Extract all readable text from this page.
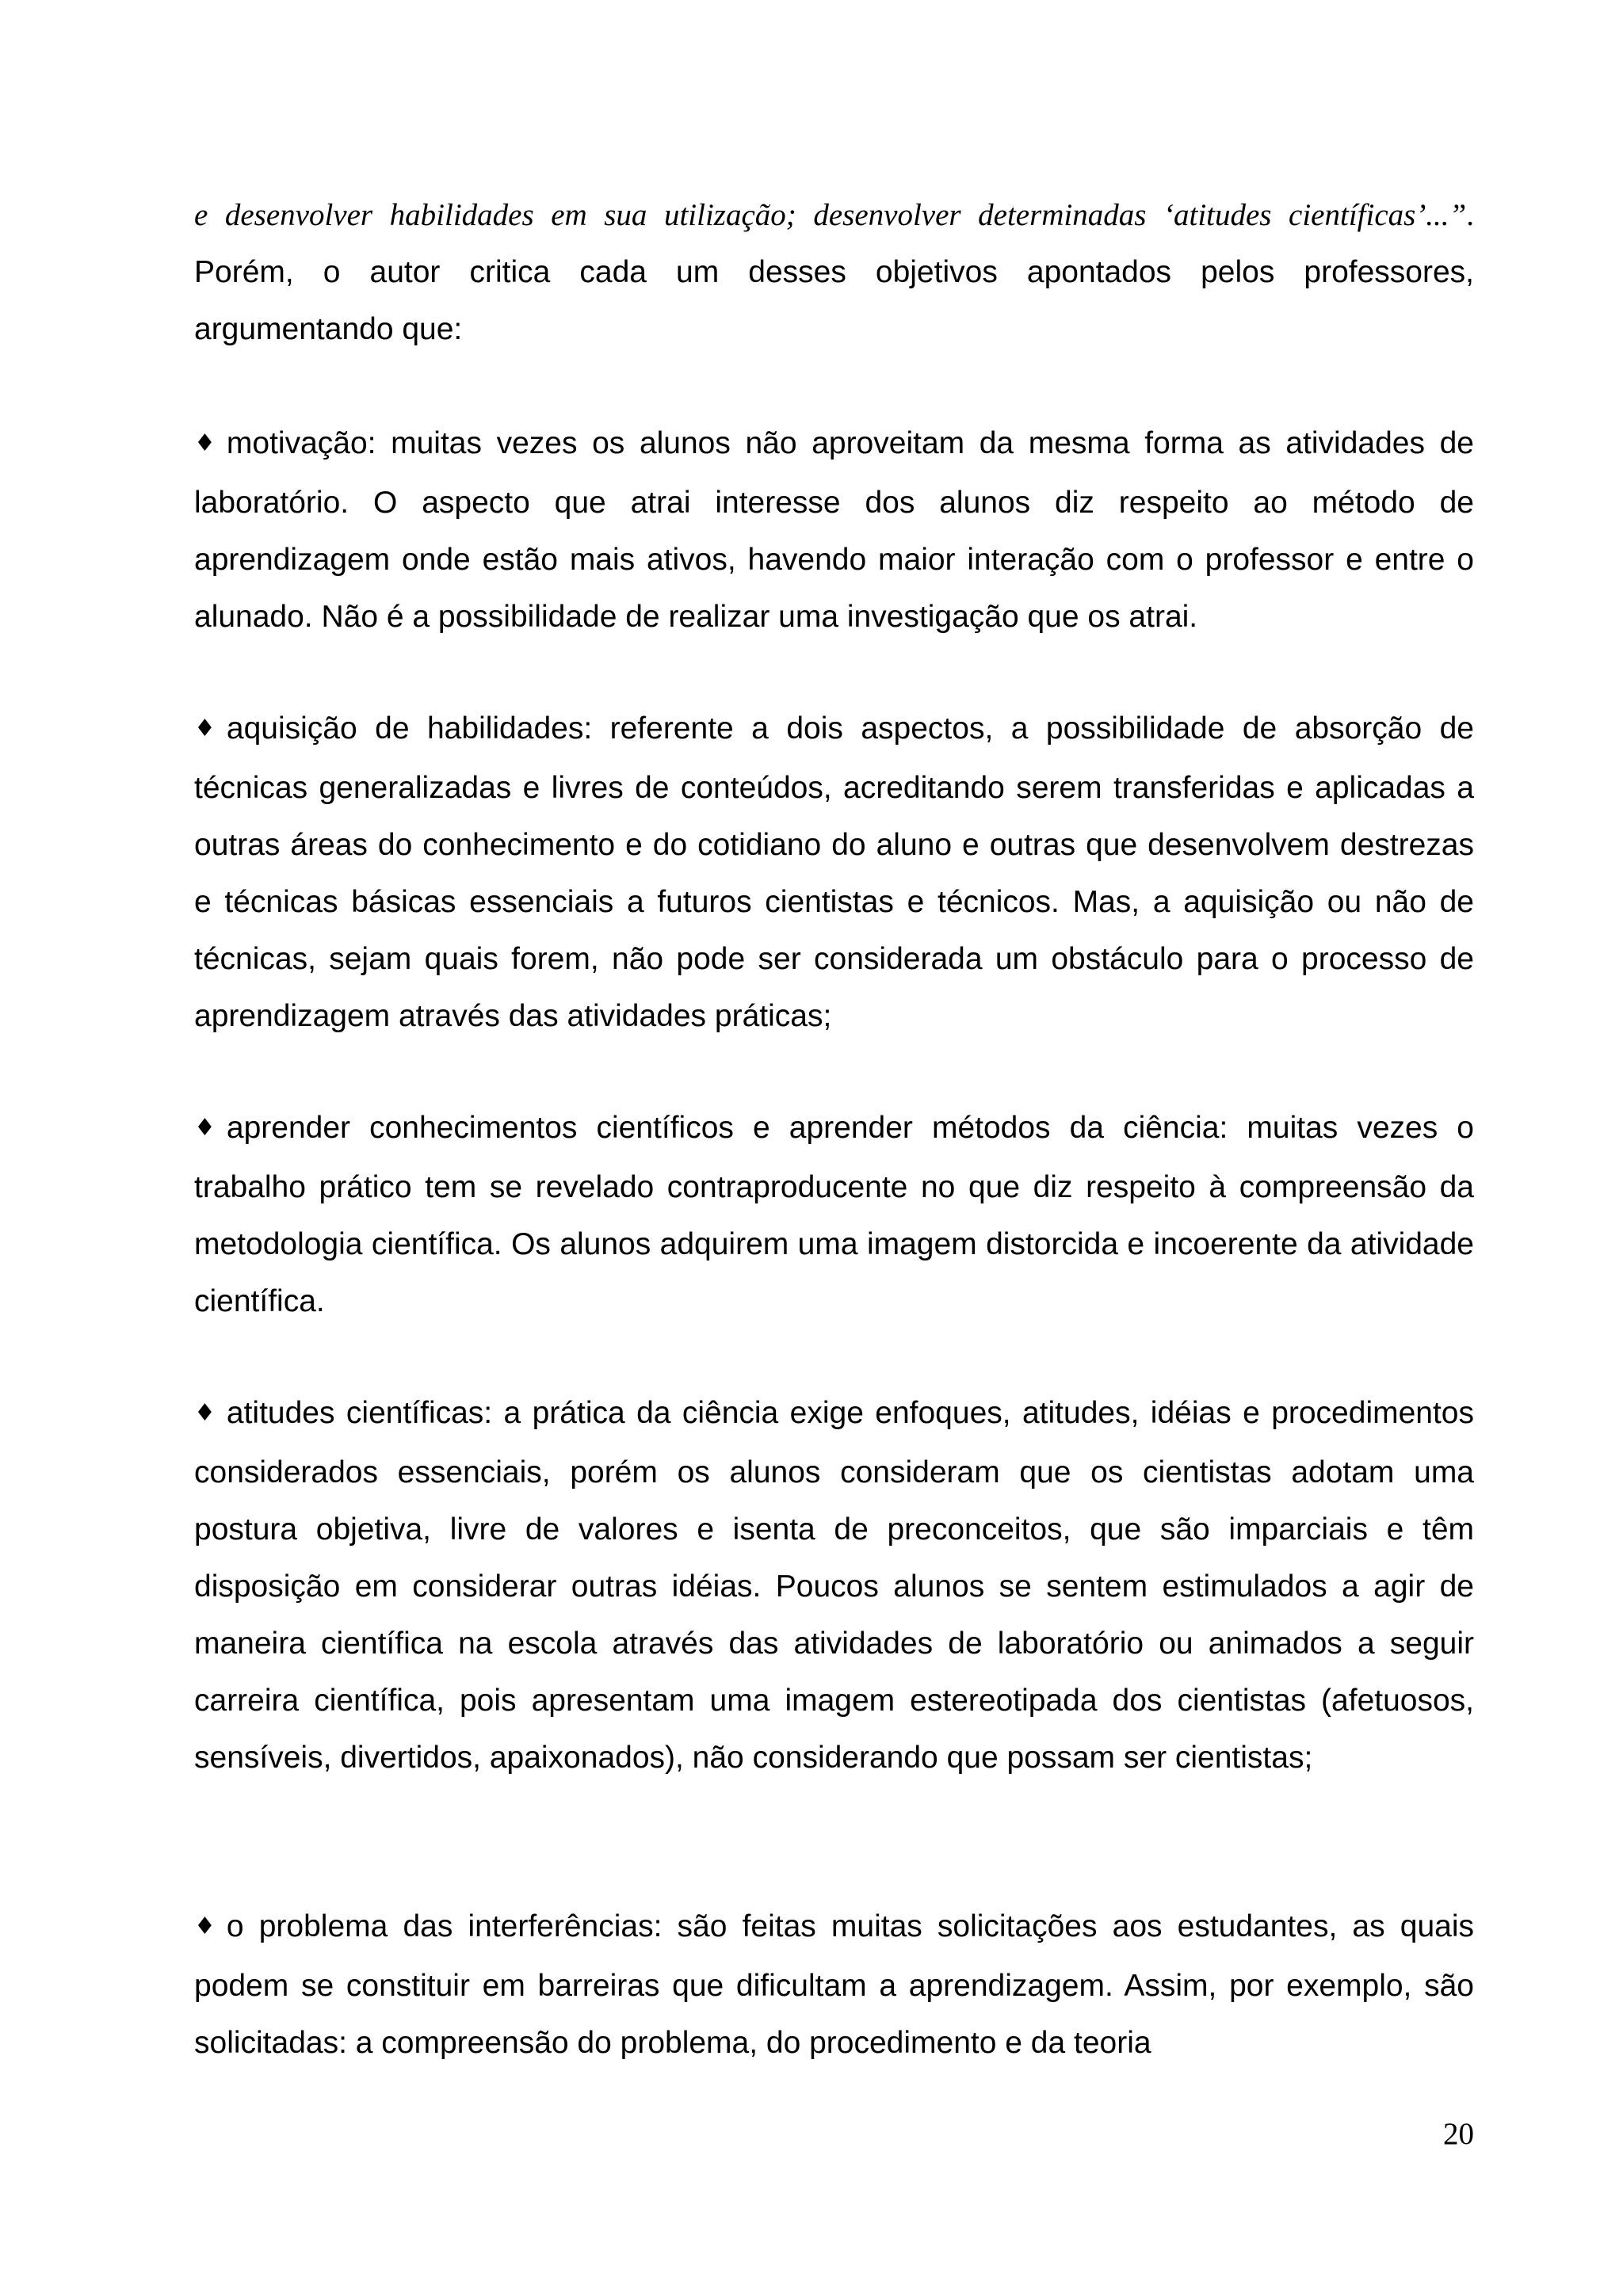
e desenvolver habilidades em sua utilização; desenvolver determinadas ‘atitudes científicas’...”.

Porém, o autor critica cada um desses objetivos apontados pelos professores, argumentando que:

♦ motivação: muitas vezes os alunos não aproveitam da mesma forma as atividades de laboratório. O aspecto que atrai interesse dos alunos diz respeito ao método de aprendizagem onde estão mais ativos, havendo maior interação com o professor e entre o alunado. Não é a possibilidade de realizar uma investigação que os atrai.

♦ aquisição de habilidades: referente a dois aspectos, a possibilidade de absorção de técnicas generalizadas e livres de conteúdos, acreditando serem transferidas e aplicadas a outras áreas do conhecimento e do cotidiano do aluno e outras que desenvolvem destrezas e técnicas básicas essenciais a futuros cientistas e técnicos. Mas, a aquisição ou não de técnicas, sejam quais forem, não pode ser considerada um obstáculo para o processo de aprendizagem através das atividades práticas;

♦ aprender conhecimentos científicos e aprender métodos da ciência: muitas vezes o trabalho prático tem se revelado contraproducente no que diz respeito à compreensão da metodologia científica. Os alunos adquirem uma imagem distorcida e incoerente da atividade científica.

♦ atitudes científicas: a prática da ciência exige enfoques, atitudes, idéias e procedimentos considerados essenciais, porém os alunos consideram que os cientistas adotam uma postura objetiva, livre de valores e isenta de preconceitos, que são imparciais e têm disposição em considerar outras idéias. Poucos alunos se sentem estimulados a agir de maneira científica na escola através das atividades de laboratório ou animados a seguir carreira científica, pois apresentam uma imagem estereotipada dos cientistas (afetuosos, sensíveis, divertidos, apaixonados), não considerando que possam ser cientistas;

♦ o problema das interferências: são feitas muitas solicitações aos estudantes, as quais podem se constituir em barreiras que dificultam a aprendizagem. Assim, por exemplo, são solicitadas: a compreensão do problema, do procedimento e da teoria

20
